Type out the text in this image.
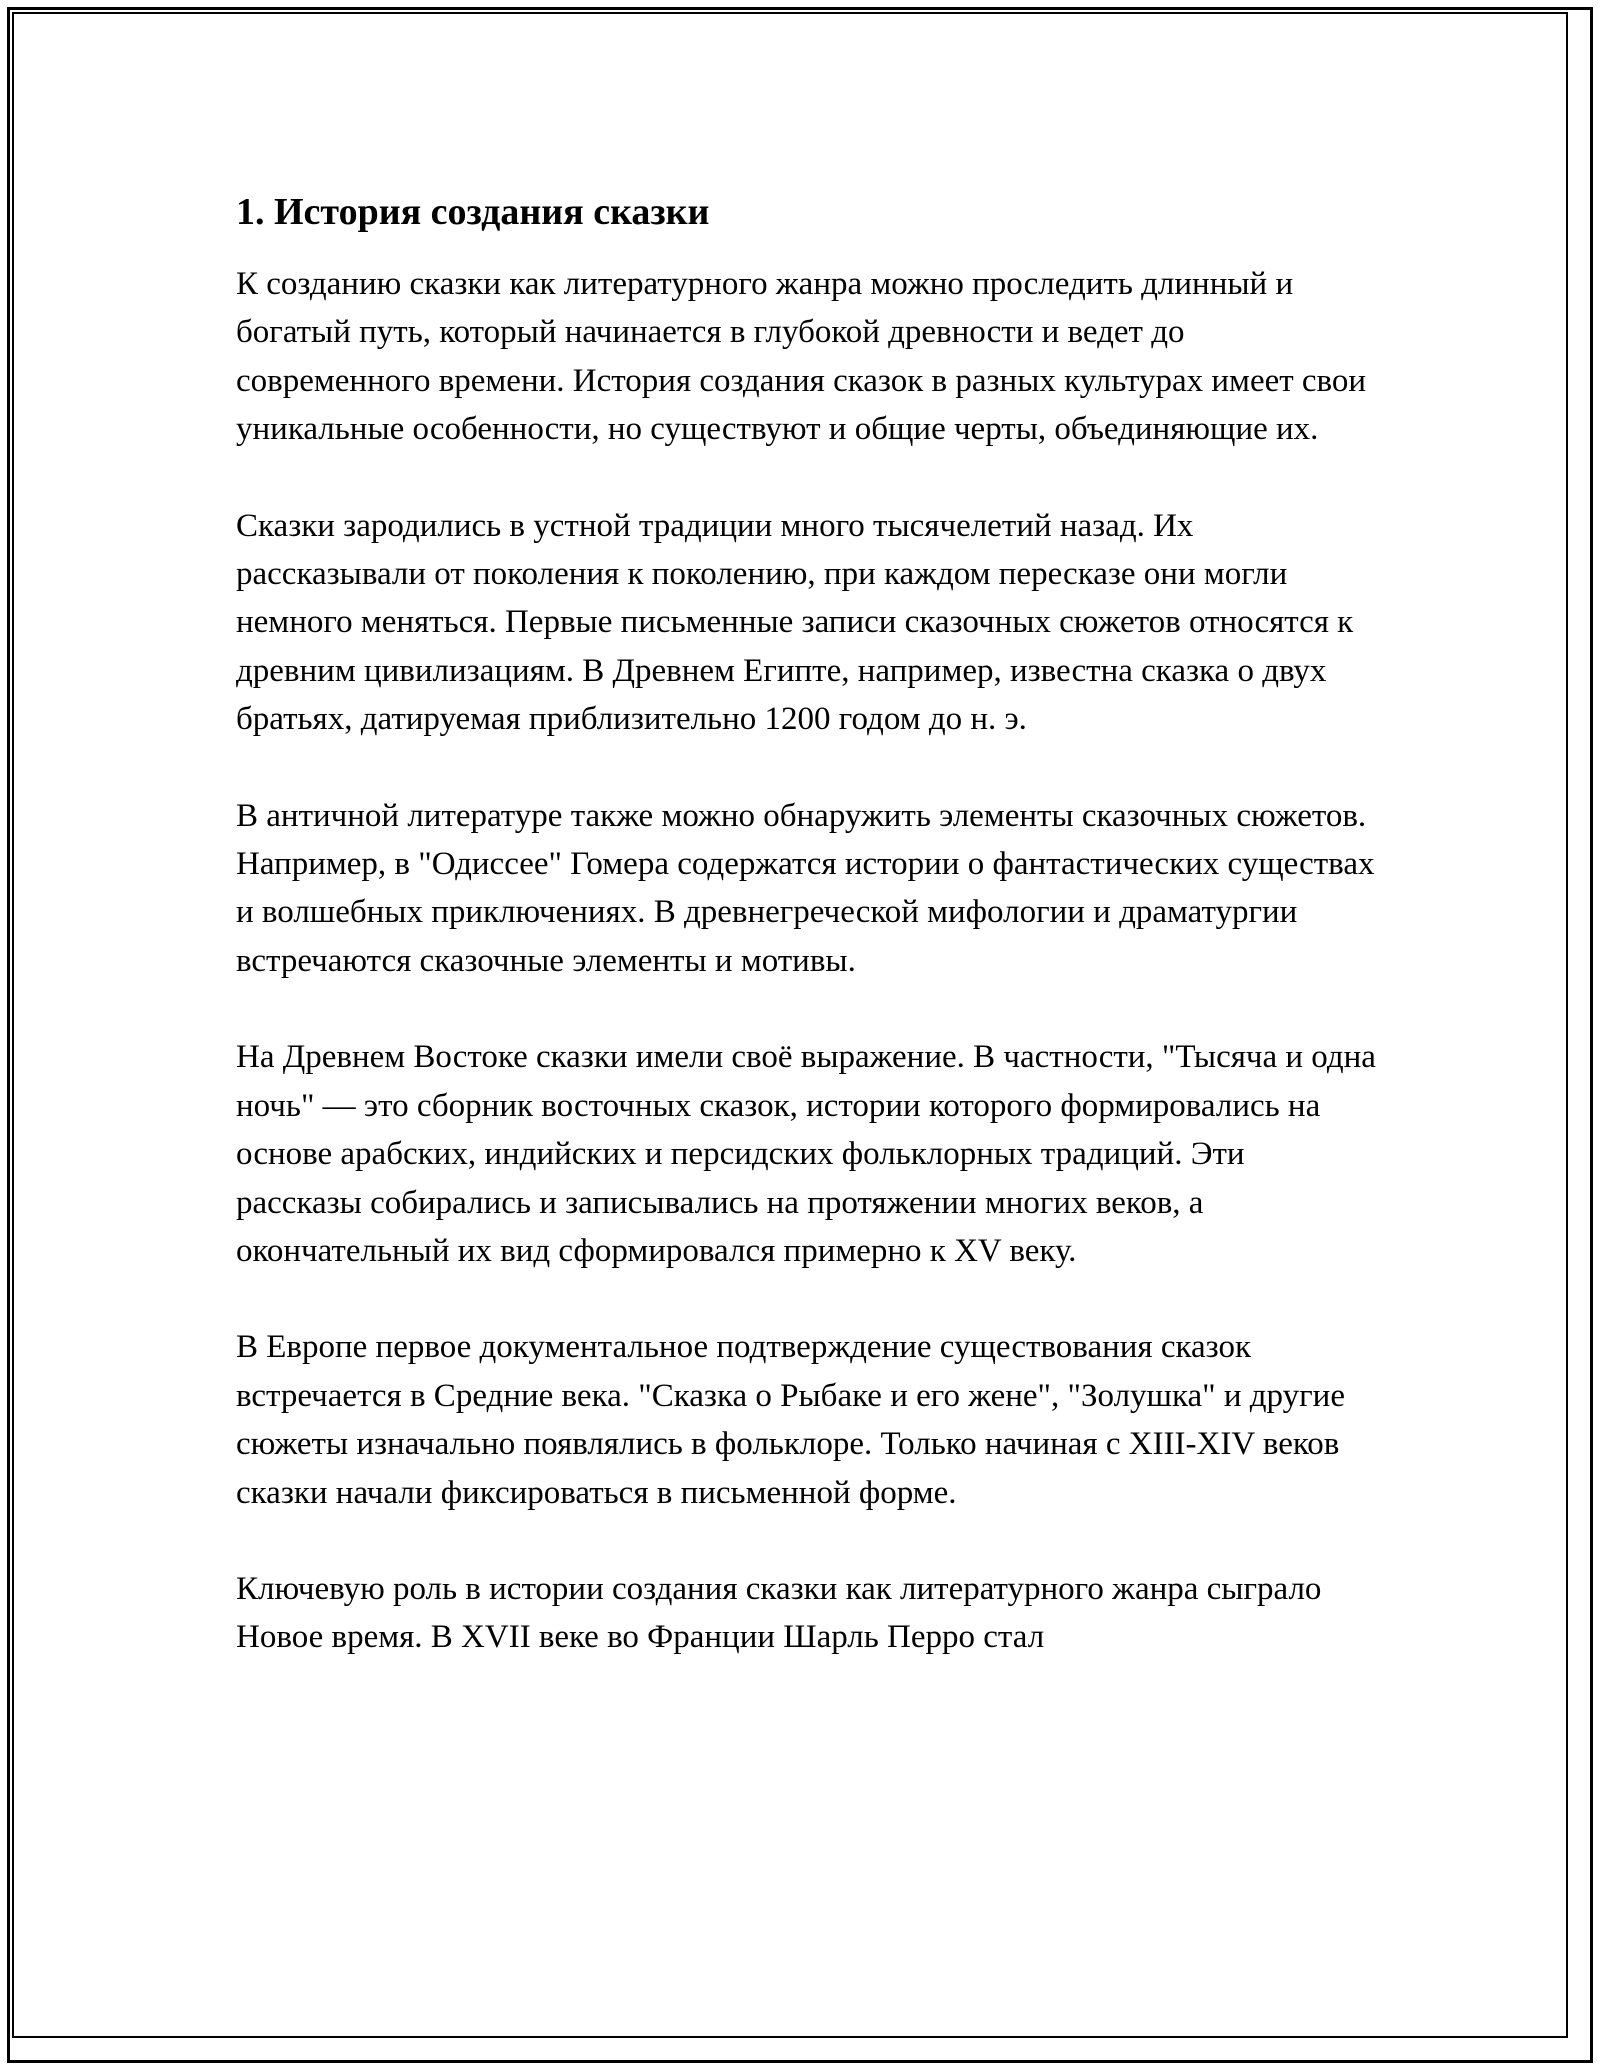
1. История создания сказки

К созданию сказки как литературного жанра можно проследить длинный и богатый путь, который начинается в глубокой древности и ведет до современного времени. История создания сказок в разных культурах имеет свои уникальные особенности, но существуют и общие черты, объединяющие их.

Сказки зародились в устной традиции много тысячелетий назад. Их рассказывали от поколения к поколению, при каждом пересказе они могли немного меняться. Первые письменные записи сказочных сюжетов относятся к древним цивилизациям. В Древнем Египте, например, известна сказка о двух братьях, датируемая приблизительно 1200 годом до н. э.

В античной литературе также можно обнаружить элементы сказочных сюжетов. Например, в "Одиссее" Гомера содержатся истории о фантастических существах и волшебных приключениях. В древнегреческой мифологии и драматургии встречаются сказочные элементы и мотивы.

На Древнем Востоке сказки имели своё выражение. В частности, "Тысяча и одна ночь" — это сборник восточных сказок, истории которого формировались на основе арабских, индийских и персидских фольклорных традиций. Эти рассказы собирались и записывались на протяжении многих веков, а окончательный их вид сформировался примерно к XV веку.

В Европе первое документальное подтверждение существования сказок встречается в Средние века. "Сказка о Рыбаке и его жене", "Золушка" и другие сюжеты изначально появлялись в фольклоре. Только начиная с XIII-XIV веков сказки начали фиксироваться в письменной форме.

Ключевую роль в истории создания сказки как литературного жанра сыграло Новое время. В XVII веке во Франции Шарль Перро стал
